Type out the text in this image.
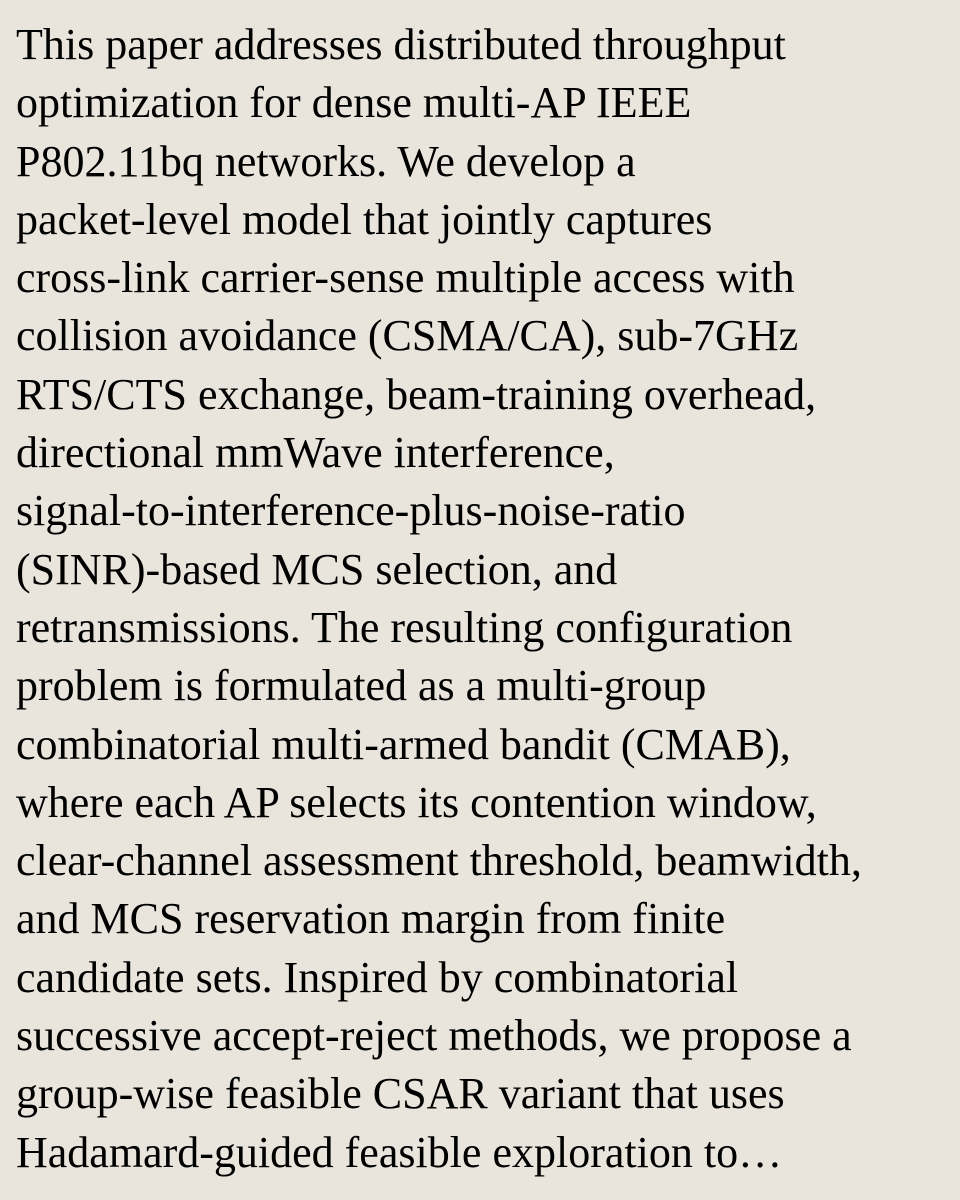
This paper addresses distributed throughput
optimization for dense multi-AP IEEE
P802.11bq networks. We develop a
packet-level model that jointly captures
cross-link carrier-sense multiple access with
collision avoidance (CSMA/CA), sub-7GHz
RTS/CTS exchange, beam-training overhead,
directional mmWave interference,
signal-to-interference-plus-noise-ratio
(SINR)-based MCS selection, and
retransmissions. The resulting configuration
problem is formulated as a multi-group
combinatorial multi-armed bandit (CMAB),
where each AP selects its contention window,
clear-channel assessment threshold, beamwidth,
and MCS reservation margin from finite
candidate sets. Inspired by combinatorial
successive accept-reject methods, we propose a
group-wise feasible CSAR variant that uses
Hadamard-guided feasible exploration to…
